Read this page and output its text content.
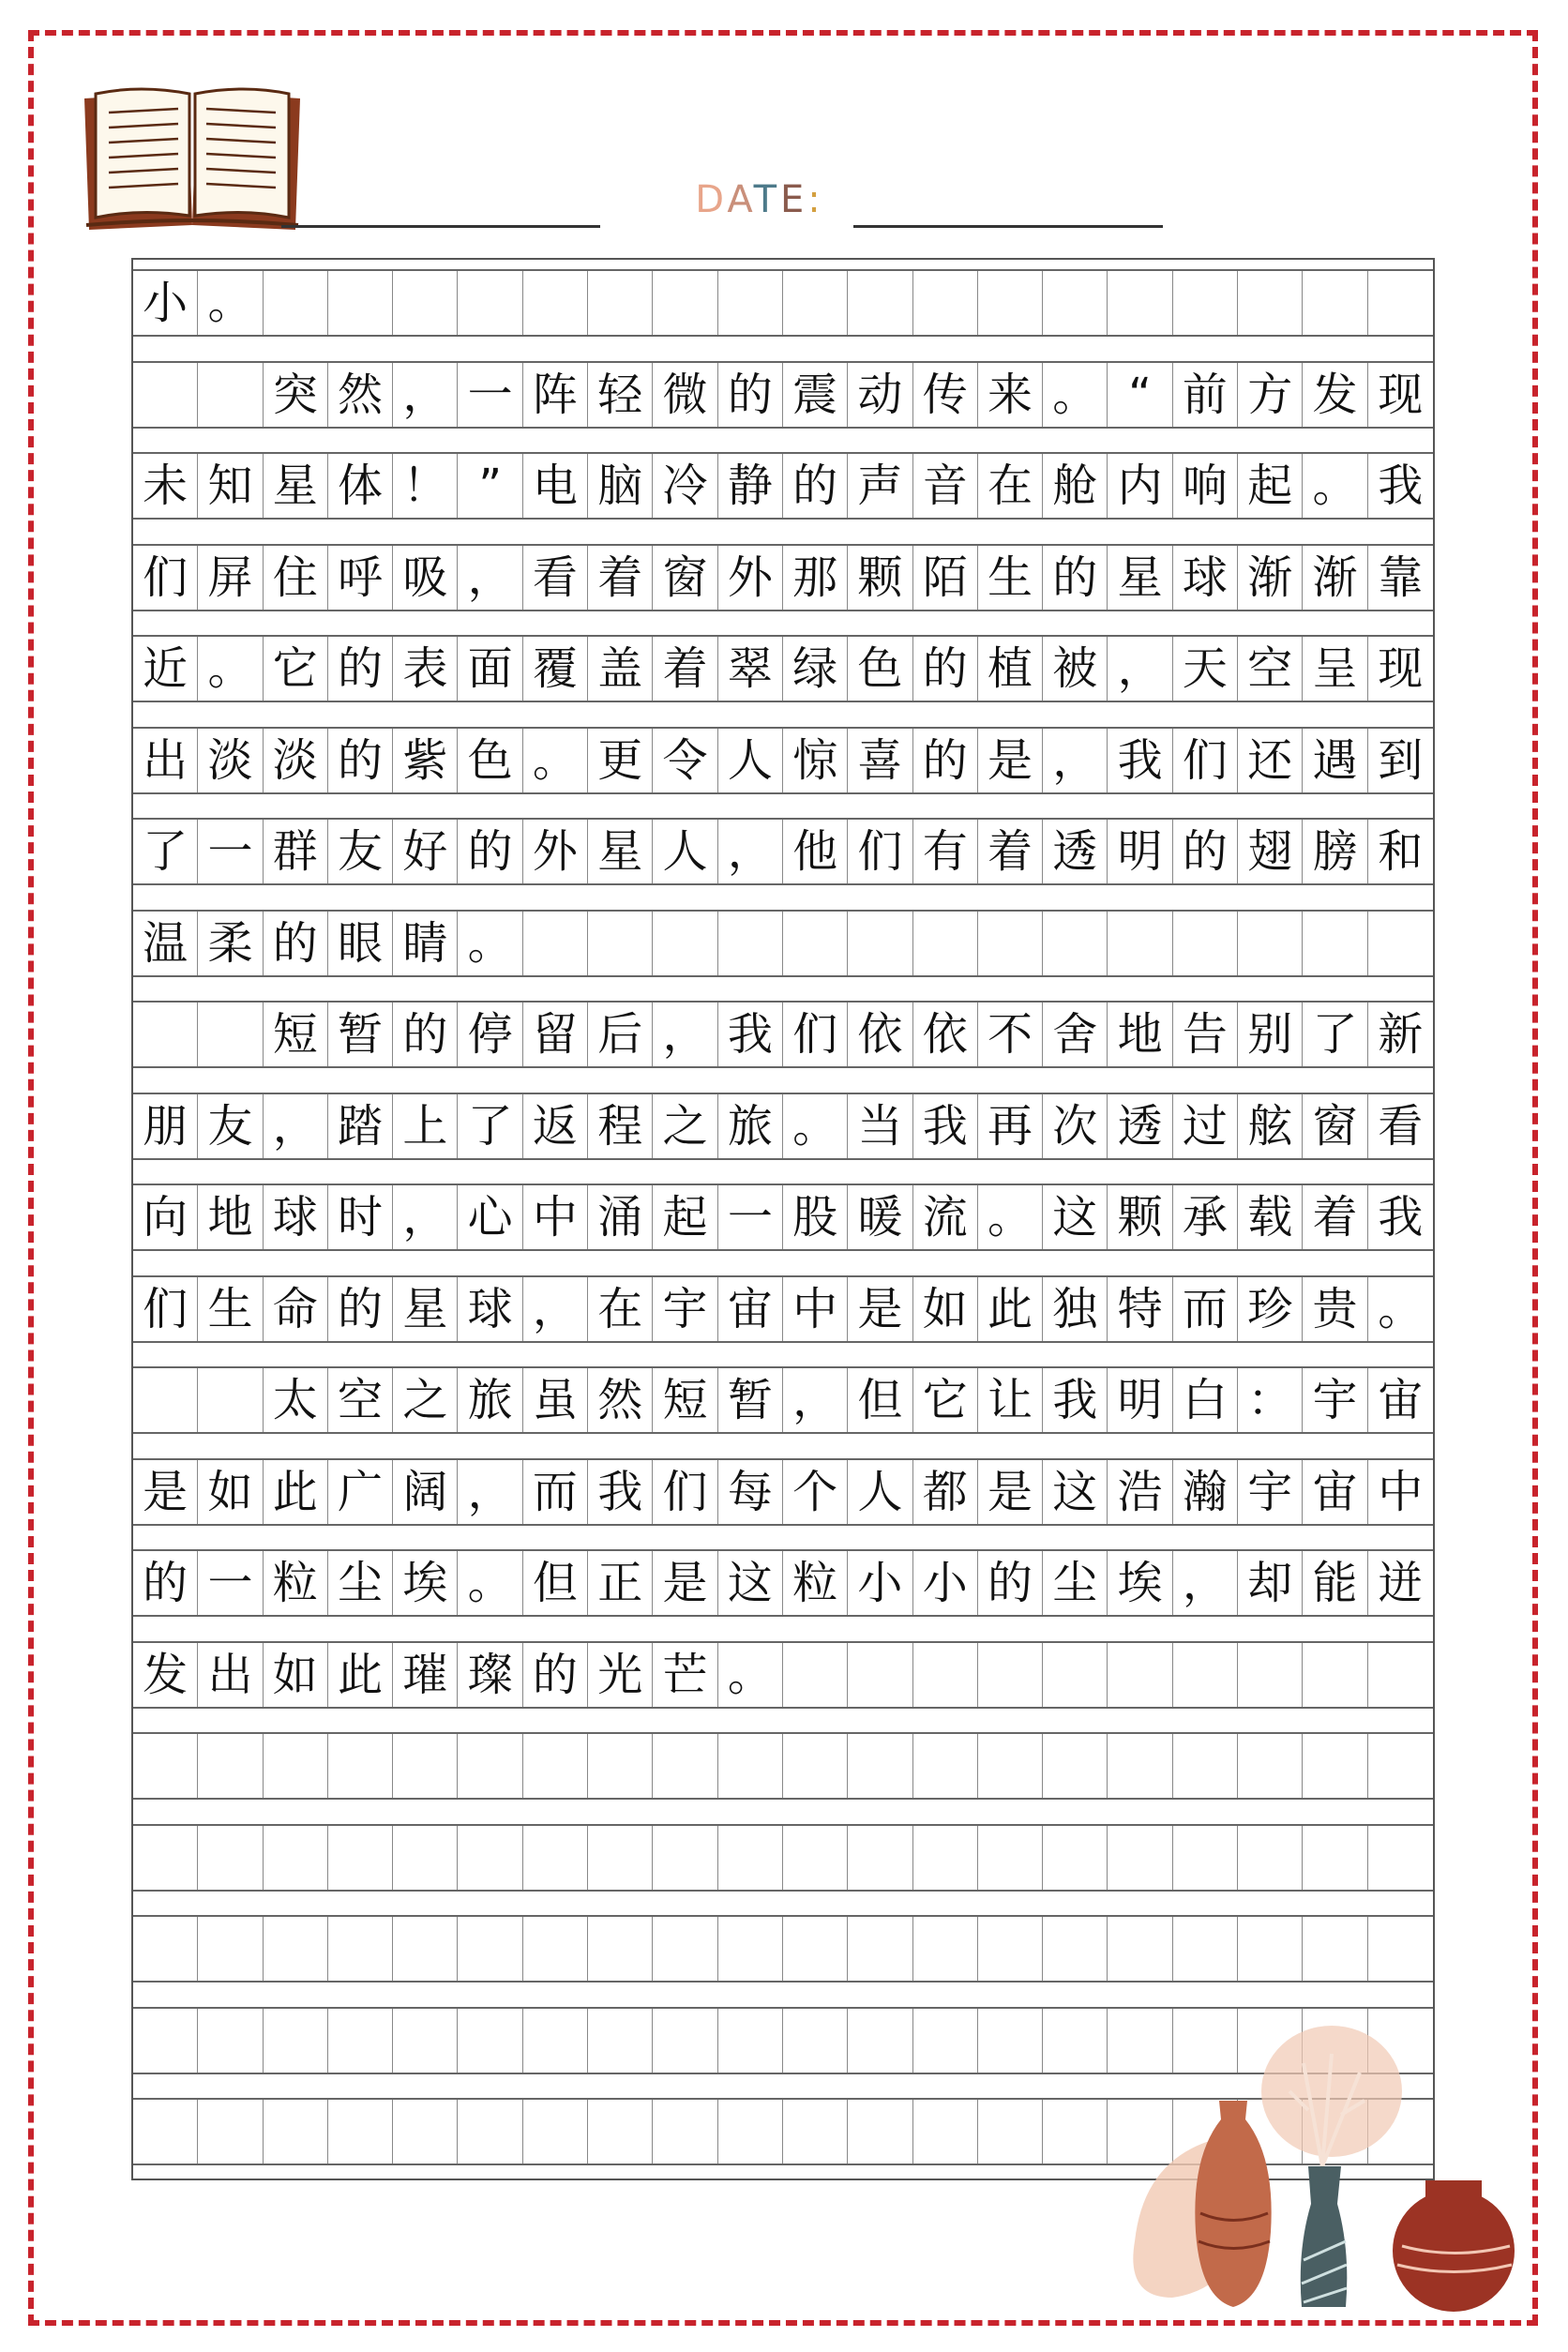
DATE:
小 。
突 然 ， 一 阵 轻 微 的 震 动 传 来 。 “ 前 方 发 现
未 知 星 体 ！ ” 电 脑 冷 静 的 声 音 在 舱 内 响 起 。 我
们 屏 住 呼 吸 ， 看 着 窗 外 那 颗 陌 生 的 星 球 渐 渐 靠
近 。 它 的 表 面 覆 盖 着 翠 绿 色 的 植 被 ， 天 空 呈 现
出 淡 淡 的 紫 色 。 更 令 人 惊 喜 的 是 ， 我 们 还 遇 到
了 一 群 友 好 的 外 星 人 ， 他 们 有 着 透 明 的 翅 膀 和
温 柔 的 眼 睛 。
短 暂 的 停 留 后 ， 我 们 依 依 不 舍 地 告 别 了 新
朋 友 ， 踏 上 了 返 程 之 旅 。 当 我 再 次 透 过 舷 窗 看
向 地 球 时 ， 心 中 涌 起 一 股 暖 流 。 这 颗 承 载 着 我
们 生 命 的 星 球 ， 在 宇 宙 中 是 如 此 独 特 而 珍 贵 。
太 空 之 旅 虽 然 短 暂 ， 但 它 让 我 明 白 ： 宇 宙
是 如 此 广 阔 ， 而 我 们 每 个 人 都 是 这 浩 瀚 宇 宙 中
的 一 粒 尘 埃 。 但 正 是 这 粒 小 小 的 尘 埃 ， 却 能 迸
发 出 如 此 璀 璨 的 光 芒 。
